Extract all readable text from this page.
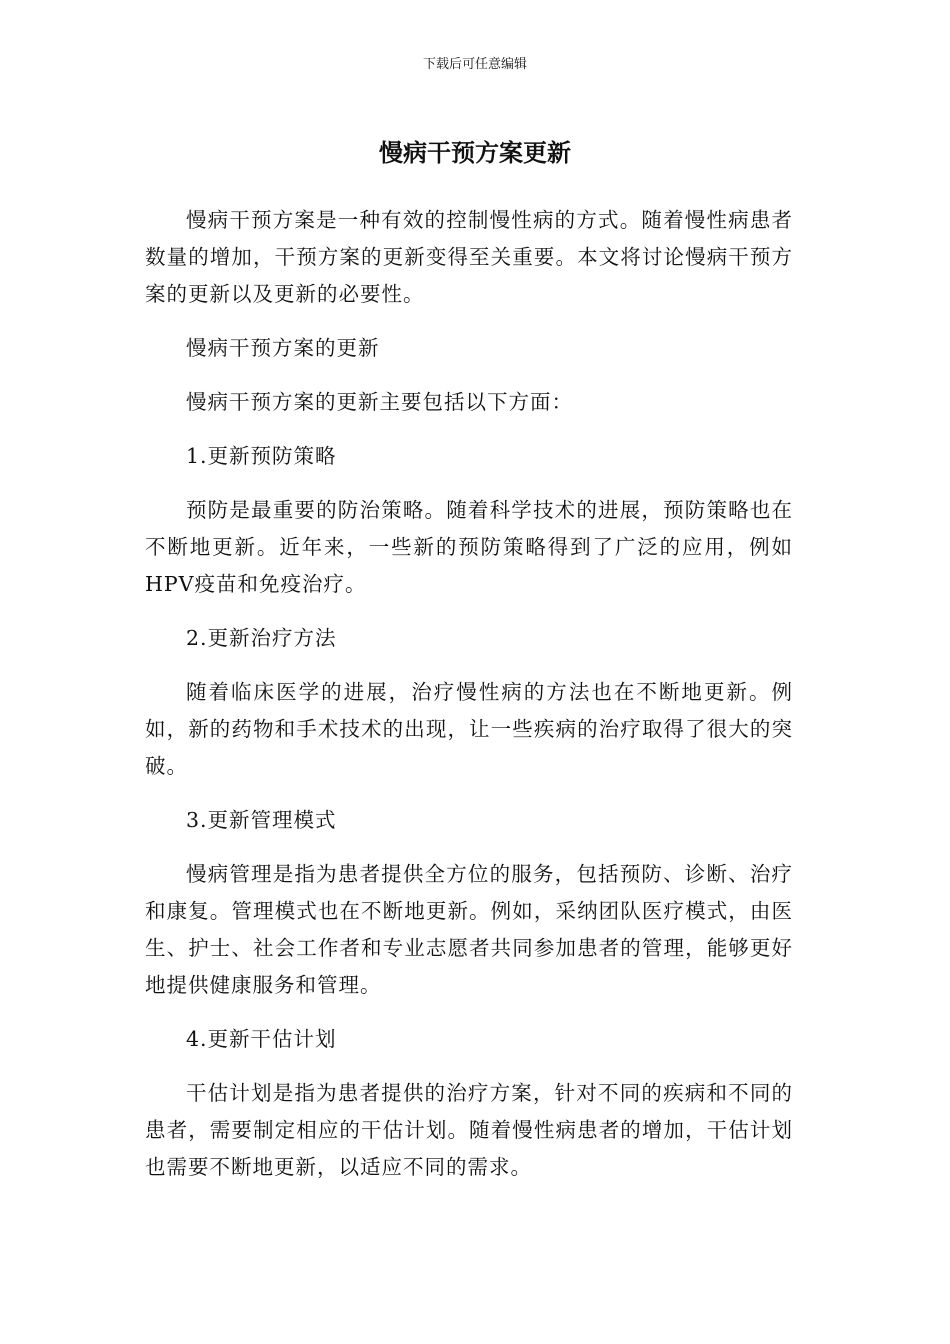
下载后可任意编辑
慢病干预方案更新

慢病干预方案是一种有效的控制慢性病的方式。随着慢性病患者数量的增加，干预方案的更新变得至关重要。本文将讨论慢病干预方案的更新以及更新的必要性。

慢病干预方案的更新

慢病干预方案的更新主要包括以下方面：

1.更新预防策略

预防是最重要的防治策略。随着科学技术的进展，预防策略也在不断地更新。近年来，一些新的预防策略得到了广泛的应用，例如HPV疫苗和免疫治疗。

2.更新治疗方法

随着临床医学的进展，治疗慢性病的方法也在不断地更新。例如，新的药物和手术技术的出现，让一些疾病的治疗取得了很大的突破。

3.更新管理模式

慢病管理是指为患者提供全方位的服务，包括预防、诊断、治疗和康复。管理模式也在不断地更新。例如，采纳团队医疗模式，由医生、护士、社会工作者和专业志愿者共同参加患者的管理，能够更好地提供健康服务和管理。

4.更新干估计划

干估计划是指为患者提供的治疗方案，针对不同的疾病和不同的患者，需要制定相应的干估计划。随着慢性病患者的增加，干估计划也需要不断地更新，以适应不同的需求。
